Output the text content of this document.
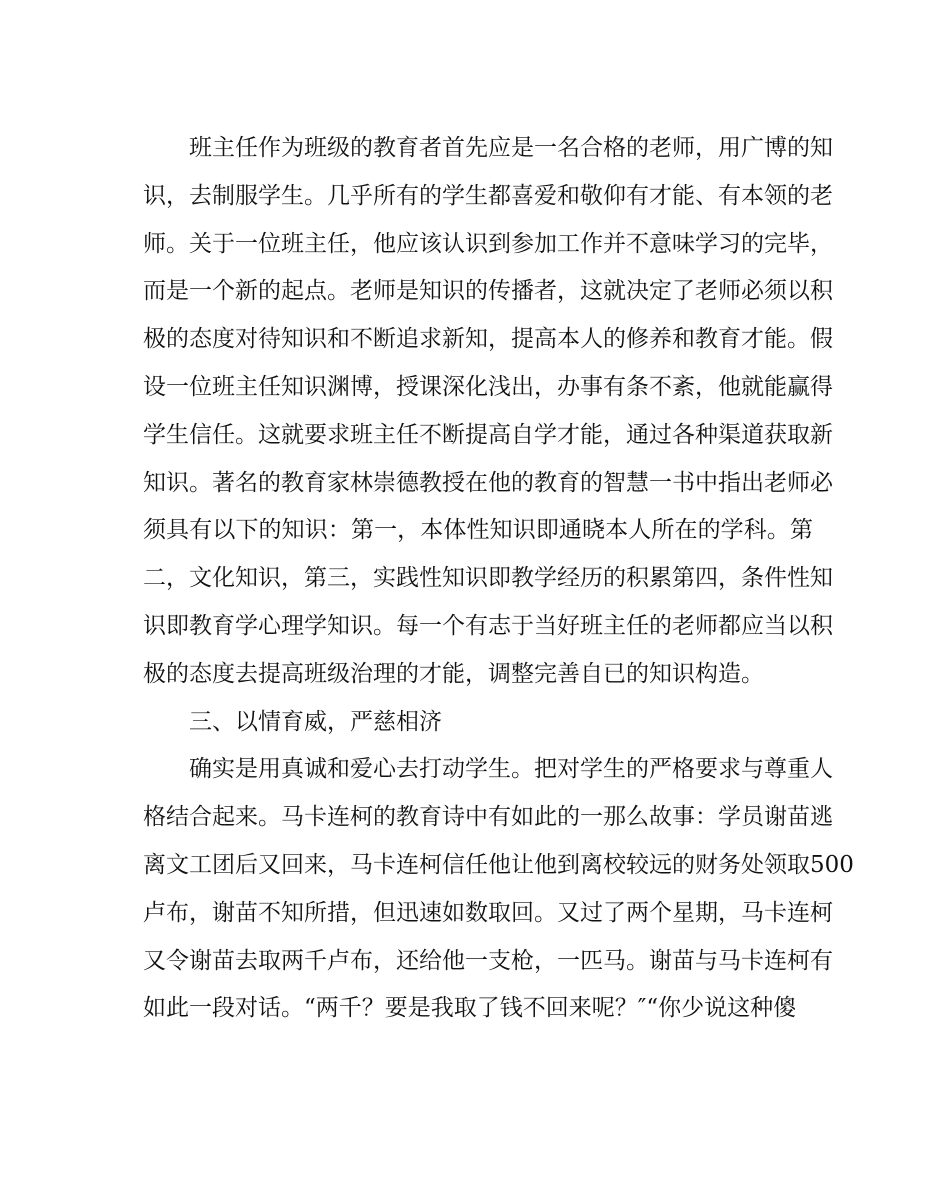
班主任作为班级的教育者首先应是一名合格的老师，用广博的知
识，去制服学生。几乎所有的学生都喜爱和敬仰有才能、有本领的老
师。关于一位班主任，他应该认识到参加工作并不意味学习的完毕，
而是一个新的起点。老师是知识的传播者，这就决定了老师必须以积
极的态度对待知识和不断追求新知，提高本人的修养和教育才能。假
设一位班主任知识渊博，授课深化浅出，办事有条不紊，他就能赢得
学生信任。这就要求班主任不断提高自学才能，通过各种渠道获取新
知识。著名的教育家林崇德教授在他的教育的智慧一书中指出老师必
须具有以下的知识：第一，本体性知识即通晓本人所在的学科。第
二，文化知识，第三，实践性知识即教学经历的积累第四，条件性知
识即教育学心理学知识。每一个有志于当好班主任的老师都应当以积
极的态度去提高班级治理的才能，调整完善自已的知识构造。
三、以情育威，严慈相济
确实是用真诚和爱心去打动学生。把对学生的严格要求与尊重人
格结合起来。马卡连柯的教育诗中有如此的一那么故事：学员谢苗逃
离文工团后又回来，马卡连柯信任他让他到离校较远的财务处领取500
卢布，谢苗不知所措，但迅速如数取回。又过了两个星期，马卡连柯
又令谢苗去取两千卢布，还给他一支枪，一匹马。谢苗与马卡连柯有
如此一段对话。“两千？要是我取了钱不回来呢？″“你少说这种傻
